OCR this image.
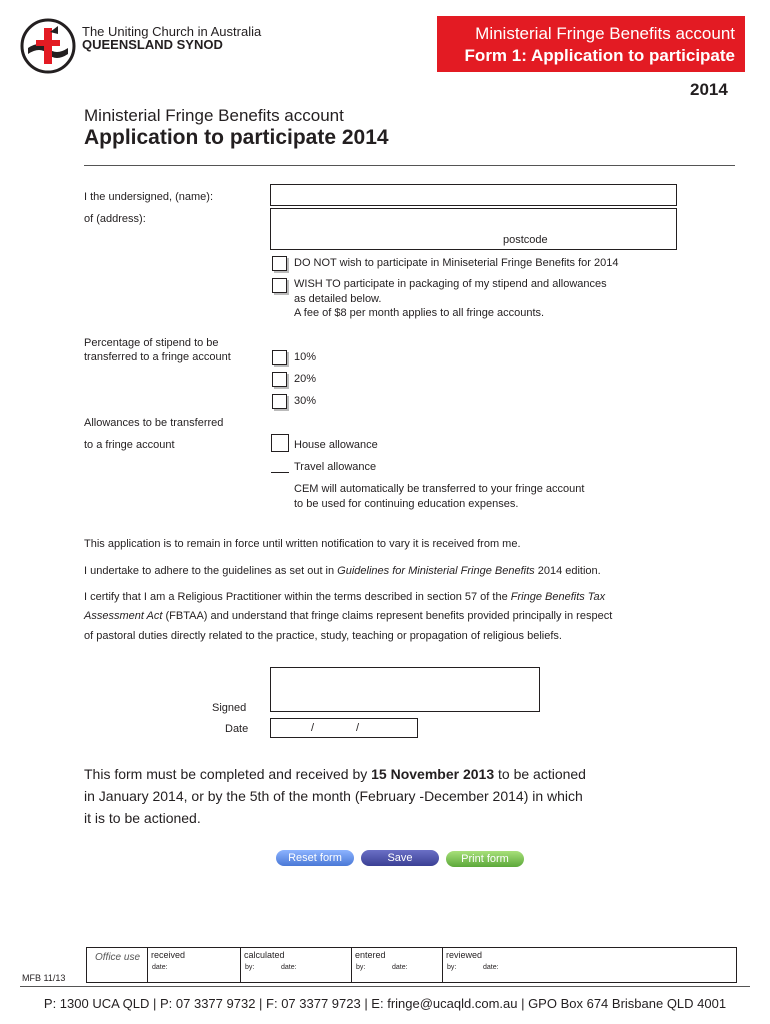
The Uniting Church in Australia
QUEENSLAND SYNOD
Ministerial Fringe Benefits account
Form 1: Application to participate
2014
Ministerial Fringe Benefits account
Application to participate 2014
I the undersigned, (name):
of (address):
postcode
DO NOT wish to participate in Miniseterial Fringe Benefits for 2014
WISH TO participate in packaging of my stipend and allowances
as detailed below.
A fee of $8 per month applies to all fringe accounts.
Percentage of stipend to be
transferred to a fringe account	10%
20%
30%
Allowances to be transferred
to a fringe account	House allowance
Travel allowance
CEM will automatically be transferred to your fringe account
to be used for continuing education expenses.
This application is to remain in force until written notification to vary it is received from me.
I undertake to adhere to the guidelines as set out in Guidelines for Ministerial Fringe Benefits 2014 edition.
I certify that I am a Religious Practitioner within the terms described in section 57 of the Fringe Benefits Tax
Assessment Act (FBTAA) and understand that fringe claims represent benefits provided principally in respect
of pastoral duties directly related to the practice, study, teaching or propagation of religious beliefs.
Signed
Date	/	/
This form must be completed and received by 15 November 2013 to be actioned
in January 2014, or by the 5th of the month (February -December 2014) in which
it is to be actioned.
Reset form	Save	Print form
Office use received
date:
calculated
by:	date:
entered
by:	date:
reviewed
by:	date:
MFB 11/13
P: 1300 UCA QLD | P: 07 3377 9732 | F: 07 3377 9723 | E: fringe@ucaqld.com.au | GPO Box 674 Brisbane QLD 4001
